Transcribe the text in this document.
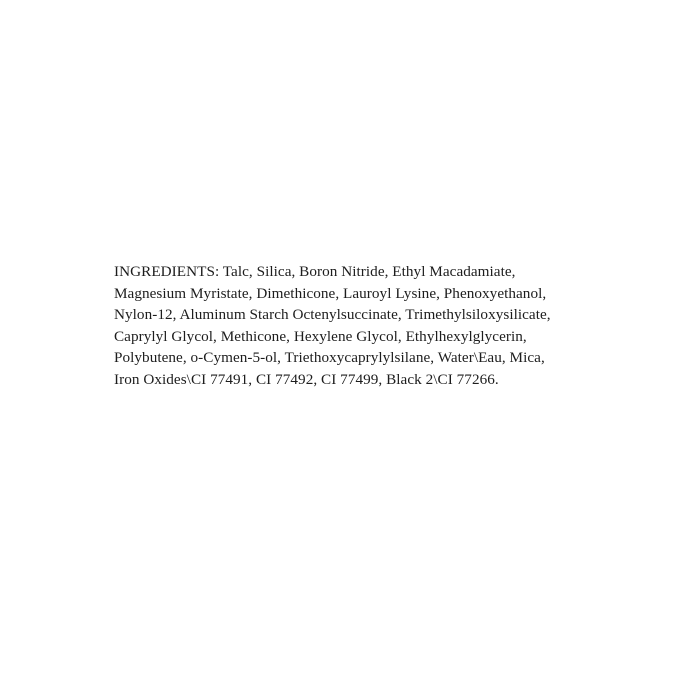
INGREDIENTS: Talc, Silica, Boron Nitride, Ethyl Macadamiate, Magnesium Myristate, Dimethicone, Lauroyl Lysine, Phenoxyethanol, Nylon-12, Aluminum Starch Octenylsuccinate, Trimethylsiloxysilicate, Caprylyl Glycol, Methicone, Hexylene Glycol, Ethylhexylglycerin, Polybutene, o-Cymen-5-ol, Triethoxycaprylylsilane, Water\Eau, Mica, Iron Oxides\CI 77491, CI 77492, CI 77499, Black 2\CI 77266.
